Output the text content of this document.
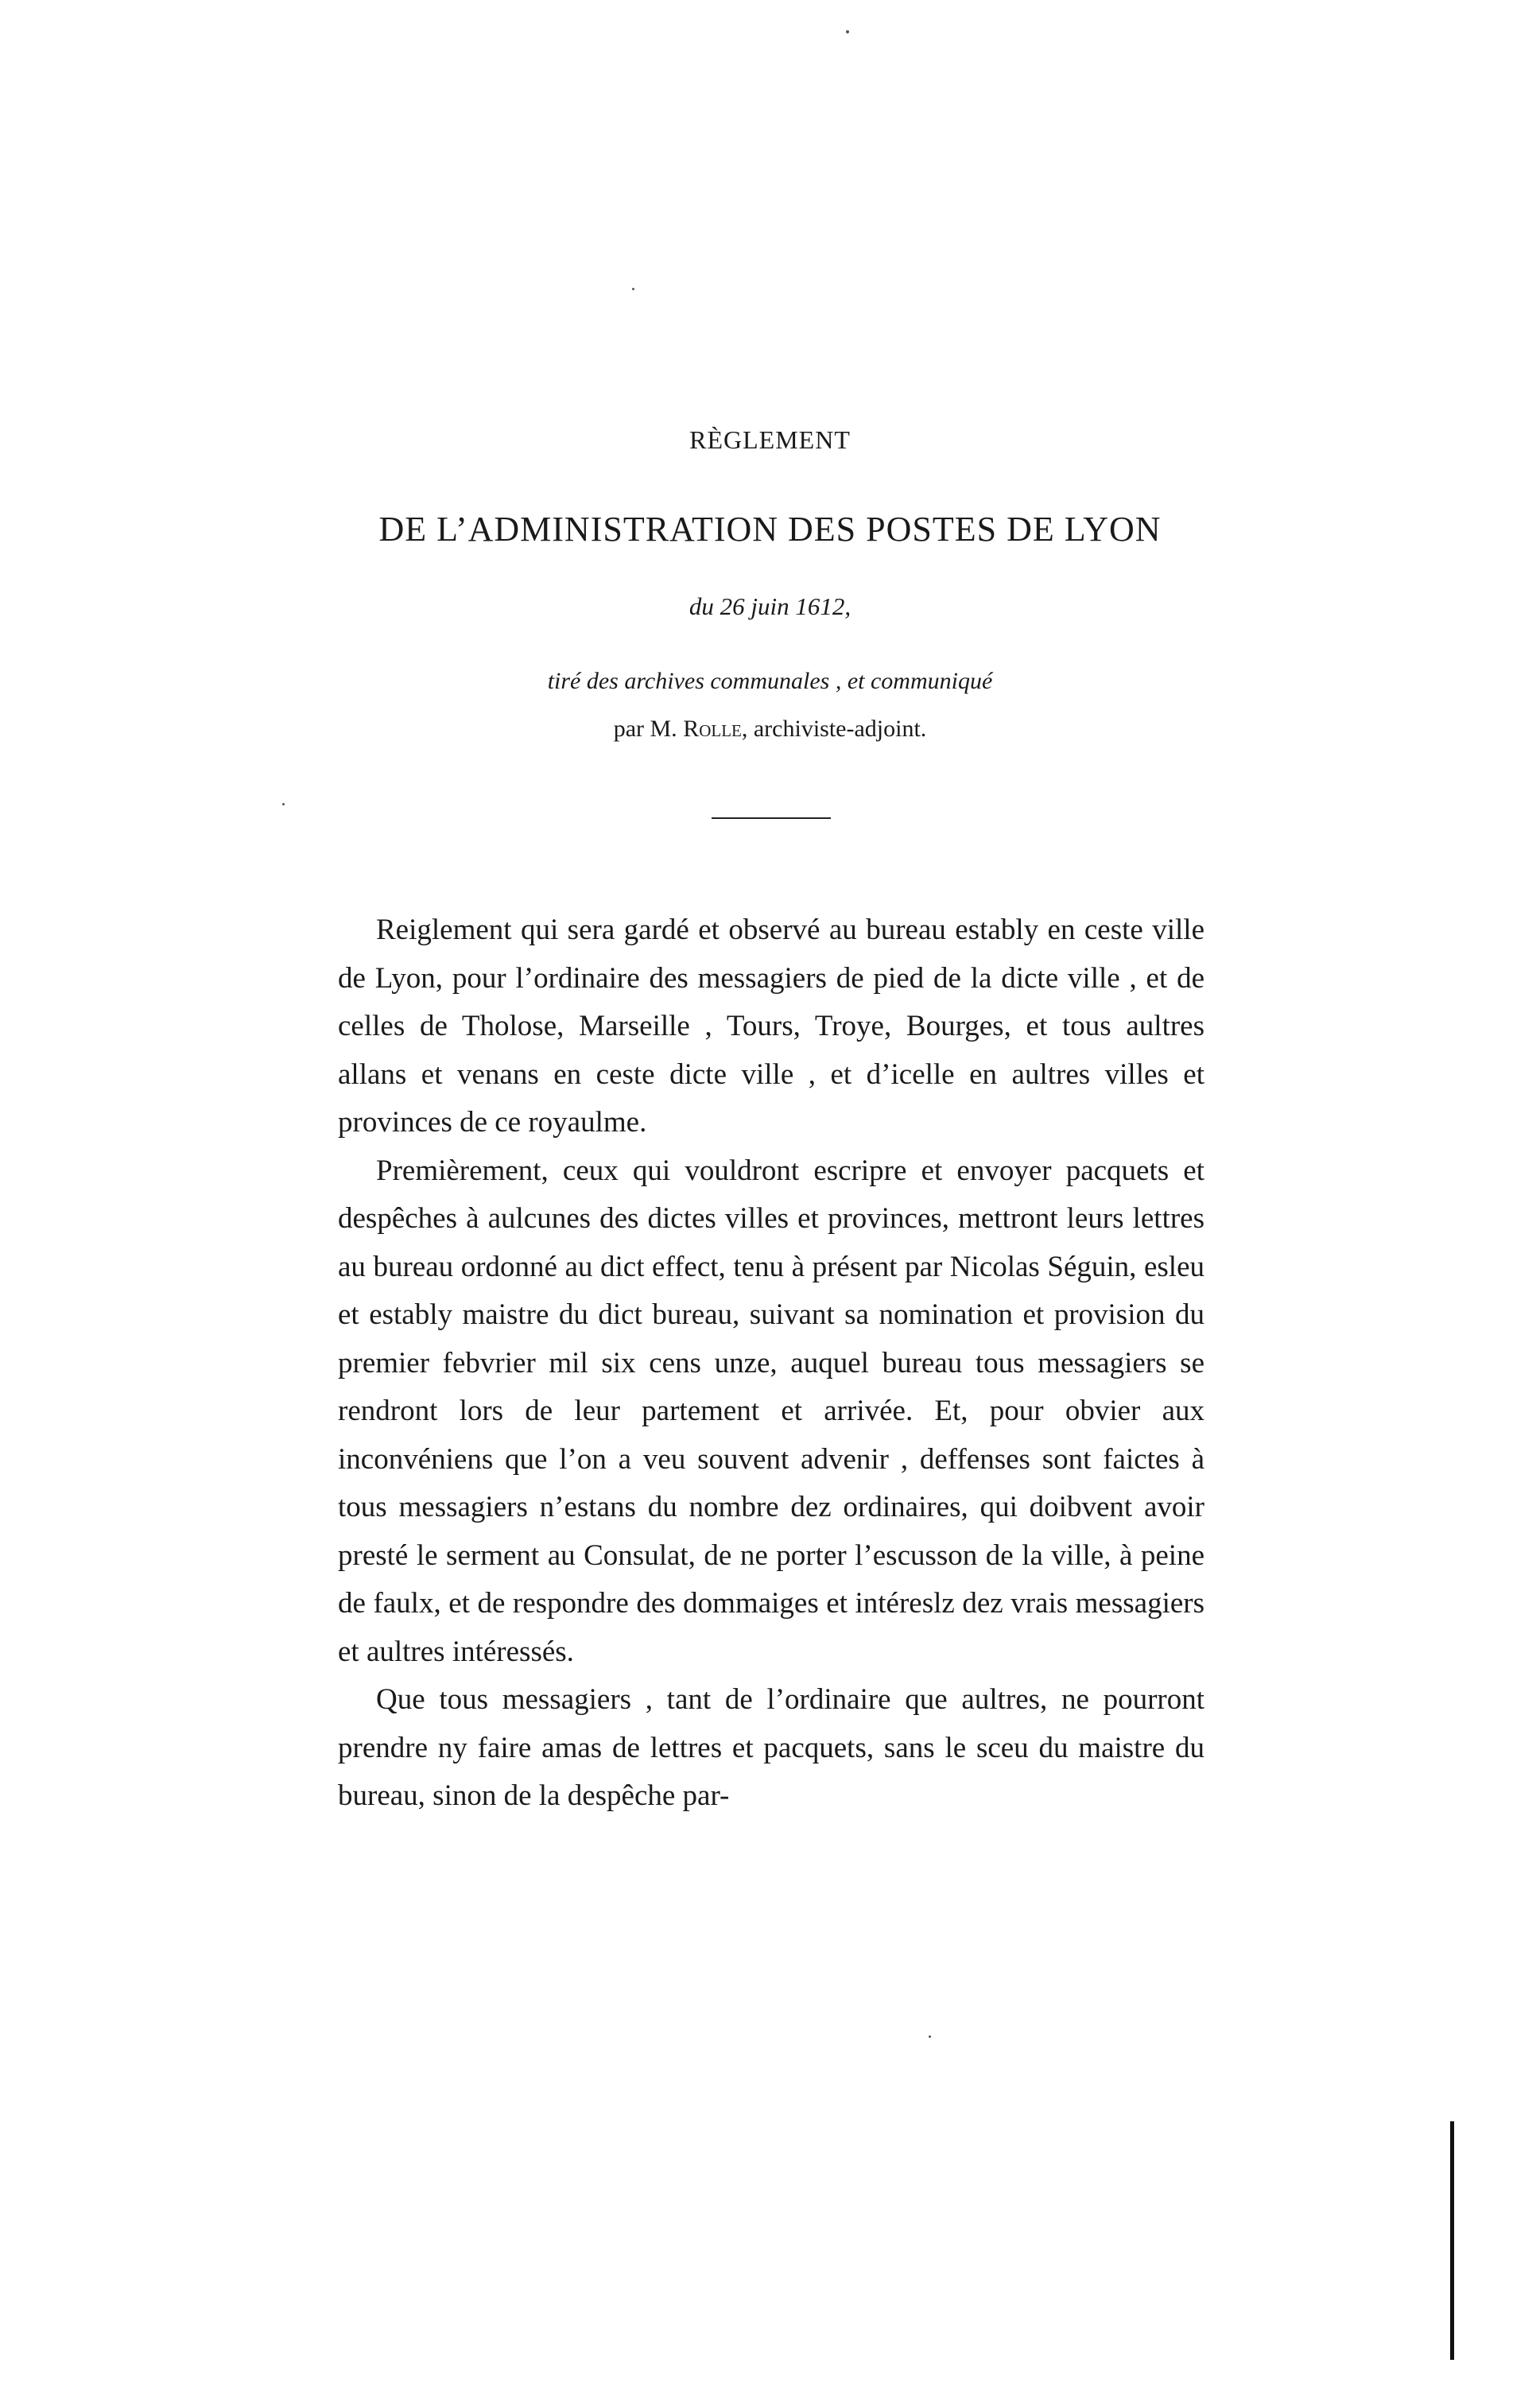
RÈGLEMENT
DE L’ADMINISTRATION DES POSTES DE LYON
du 26 juin 1612,
tiré des archives communales , et communiqué
par M. Rolle, archiviste-adjoint.

Reiglement qui sera gardé et observé au bureau estably en ceste ville de Lyon, pour l’ordinaire des messagiers de pied de la dicte ville , et de celles de Tholose, Marseille , Tours, Troye, Bourges, et tous aultres allans et venans en ceste dicte ville , et d’icelle en aultres villes et provinces de ce royaulme.

Premièrement, ceux qui vouldront escripre et envoyer pacquets et despêches à aulcunes des dictes villes et provinces, mettront leurs lettres au bureau ordonné au dict effect, tenu à présent par Nicolas Séguin, esleu et estably maistre du dict bureau, suivant sa nomination et provision du premier febvrier mil six cens unze, auquel bureau tous messagiers se rendront lors de leur partement et arrivée. Et, pour obvier aux inconvéniens que l’on a veu souvent advenir , deffenses sont faictes à tous messagiers n’estans du nombre dez ordinaires, qui doibvent avoir presté le serment au Consulat, de ne porter l’escusson de la ville, à peine de faulx, et de respondre des dommaiges et intéreslz dez vrais messagiers et aultres intéressés.

Que tous messagiers , tant de l’ordinaire que aultres, ne pourront prendre ny faire amas de lettres et pacquets, sans le sceu du maistre du bureau, sinon de la despêche par-
